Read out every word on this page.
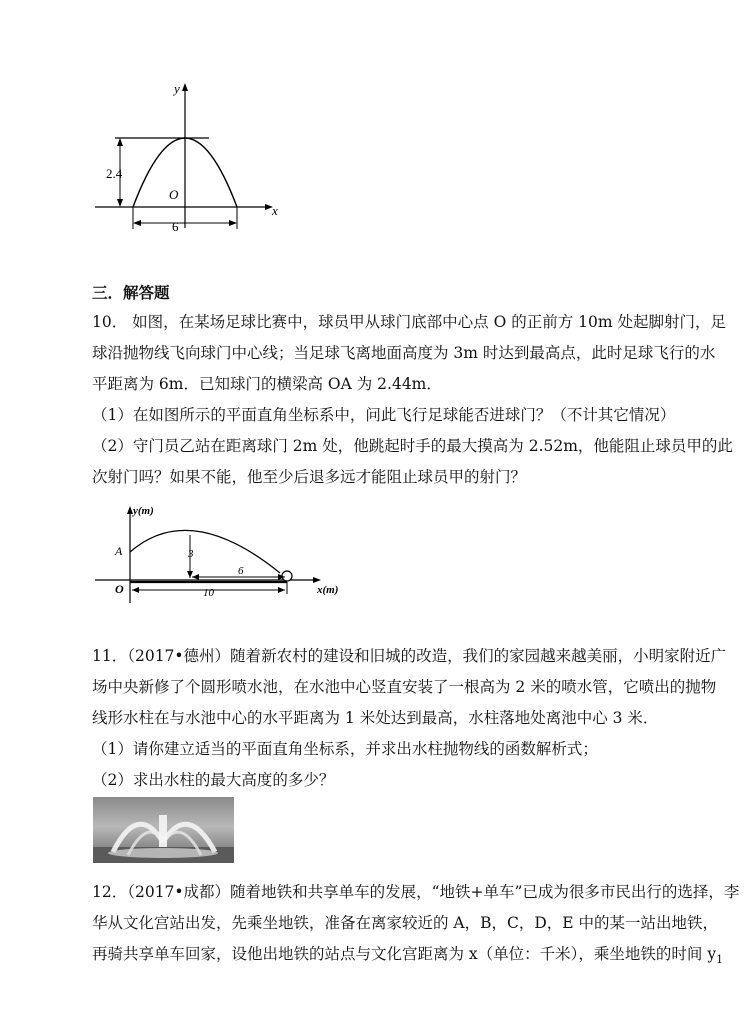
y
x
O
2.4
6
三．解答题
10． 如图，在某场足球比赛中，球员甲从球门底部中心点 O 的正前方 10m 处起脚射门，足
球沿抛物线飞向球门中心线；当足球飞离地面高度为 3m 时达到最高点，此时足球飞行的水
平距离为 6m．已知球门的横梁高 OA 为 2.44m．
（1）在如图所示的平面直角坐标系中，问此飞行足球能否进球门？（不计其它情况）
（2）守门员乙站在距离球门 2m 处，他跳起时手的最大摸高为 2.52m，他能阻止球员甲的此
次射门吗？如果不能，他至少后退多远才能阻止球员甲的射门？
y(m)
x(m)
O
A	3
6
10
11．（2017•德州）随着新农村的建设和旧城的改造，我们的家园越来越美丽，小明家附近广
场中央新修了个圆形喷水池，在水池中心竖直安装了一根高为 2 米的喷水管，它喷出的抛物
线形水柱在与水池中心的水平距离为 1 米处达到最高，水柱落地处离池中心 3 米．
（1）请你建立适当的平面直角坐标系，并求出水柱抛物线的函数解析式；
（2）求出水柱的最大高度的多少？
12．（2017•成都）随着地铁和共享单车的发展，“地铁+单车”已成为很多市民出行的选择，李
华从文化宫站出发，先乘坐地铁，准备在离家较近的 A，B，C，D，E 中的某一站出地铁，
再骑共享单车回家，设他出地铁的站点与文化宫距离为 x（单位：千米），乘坐地铁的时间 $y_1$
